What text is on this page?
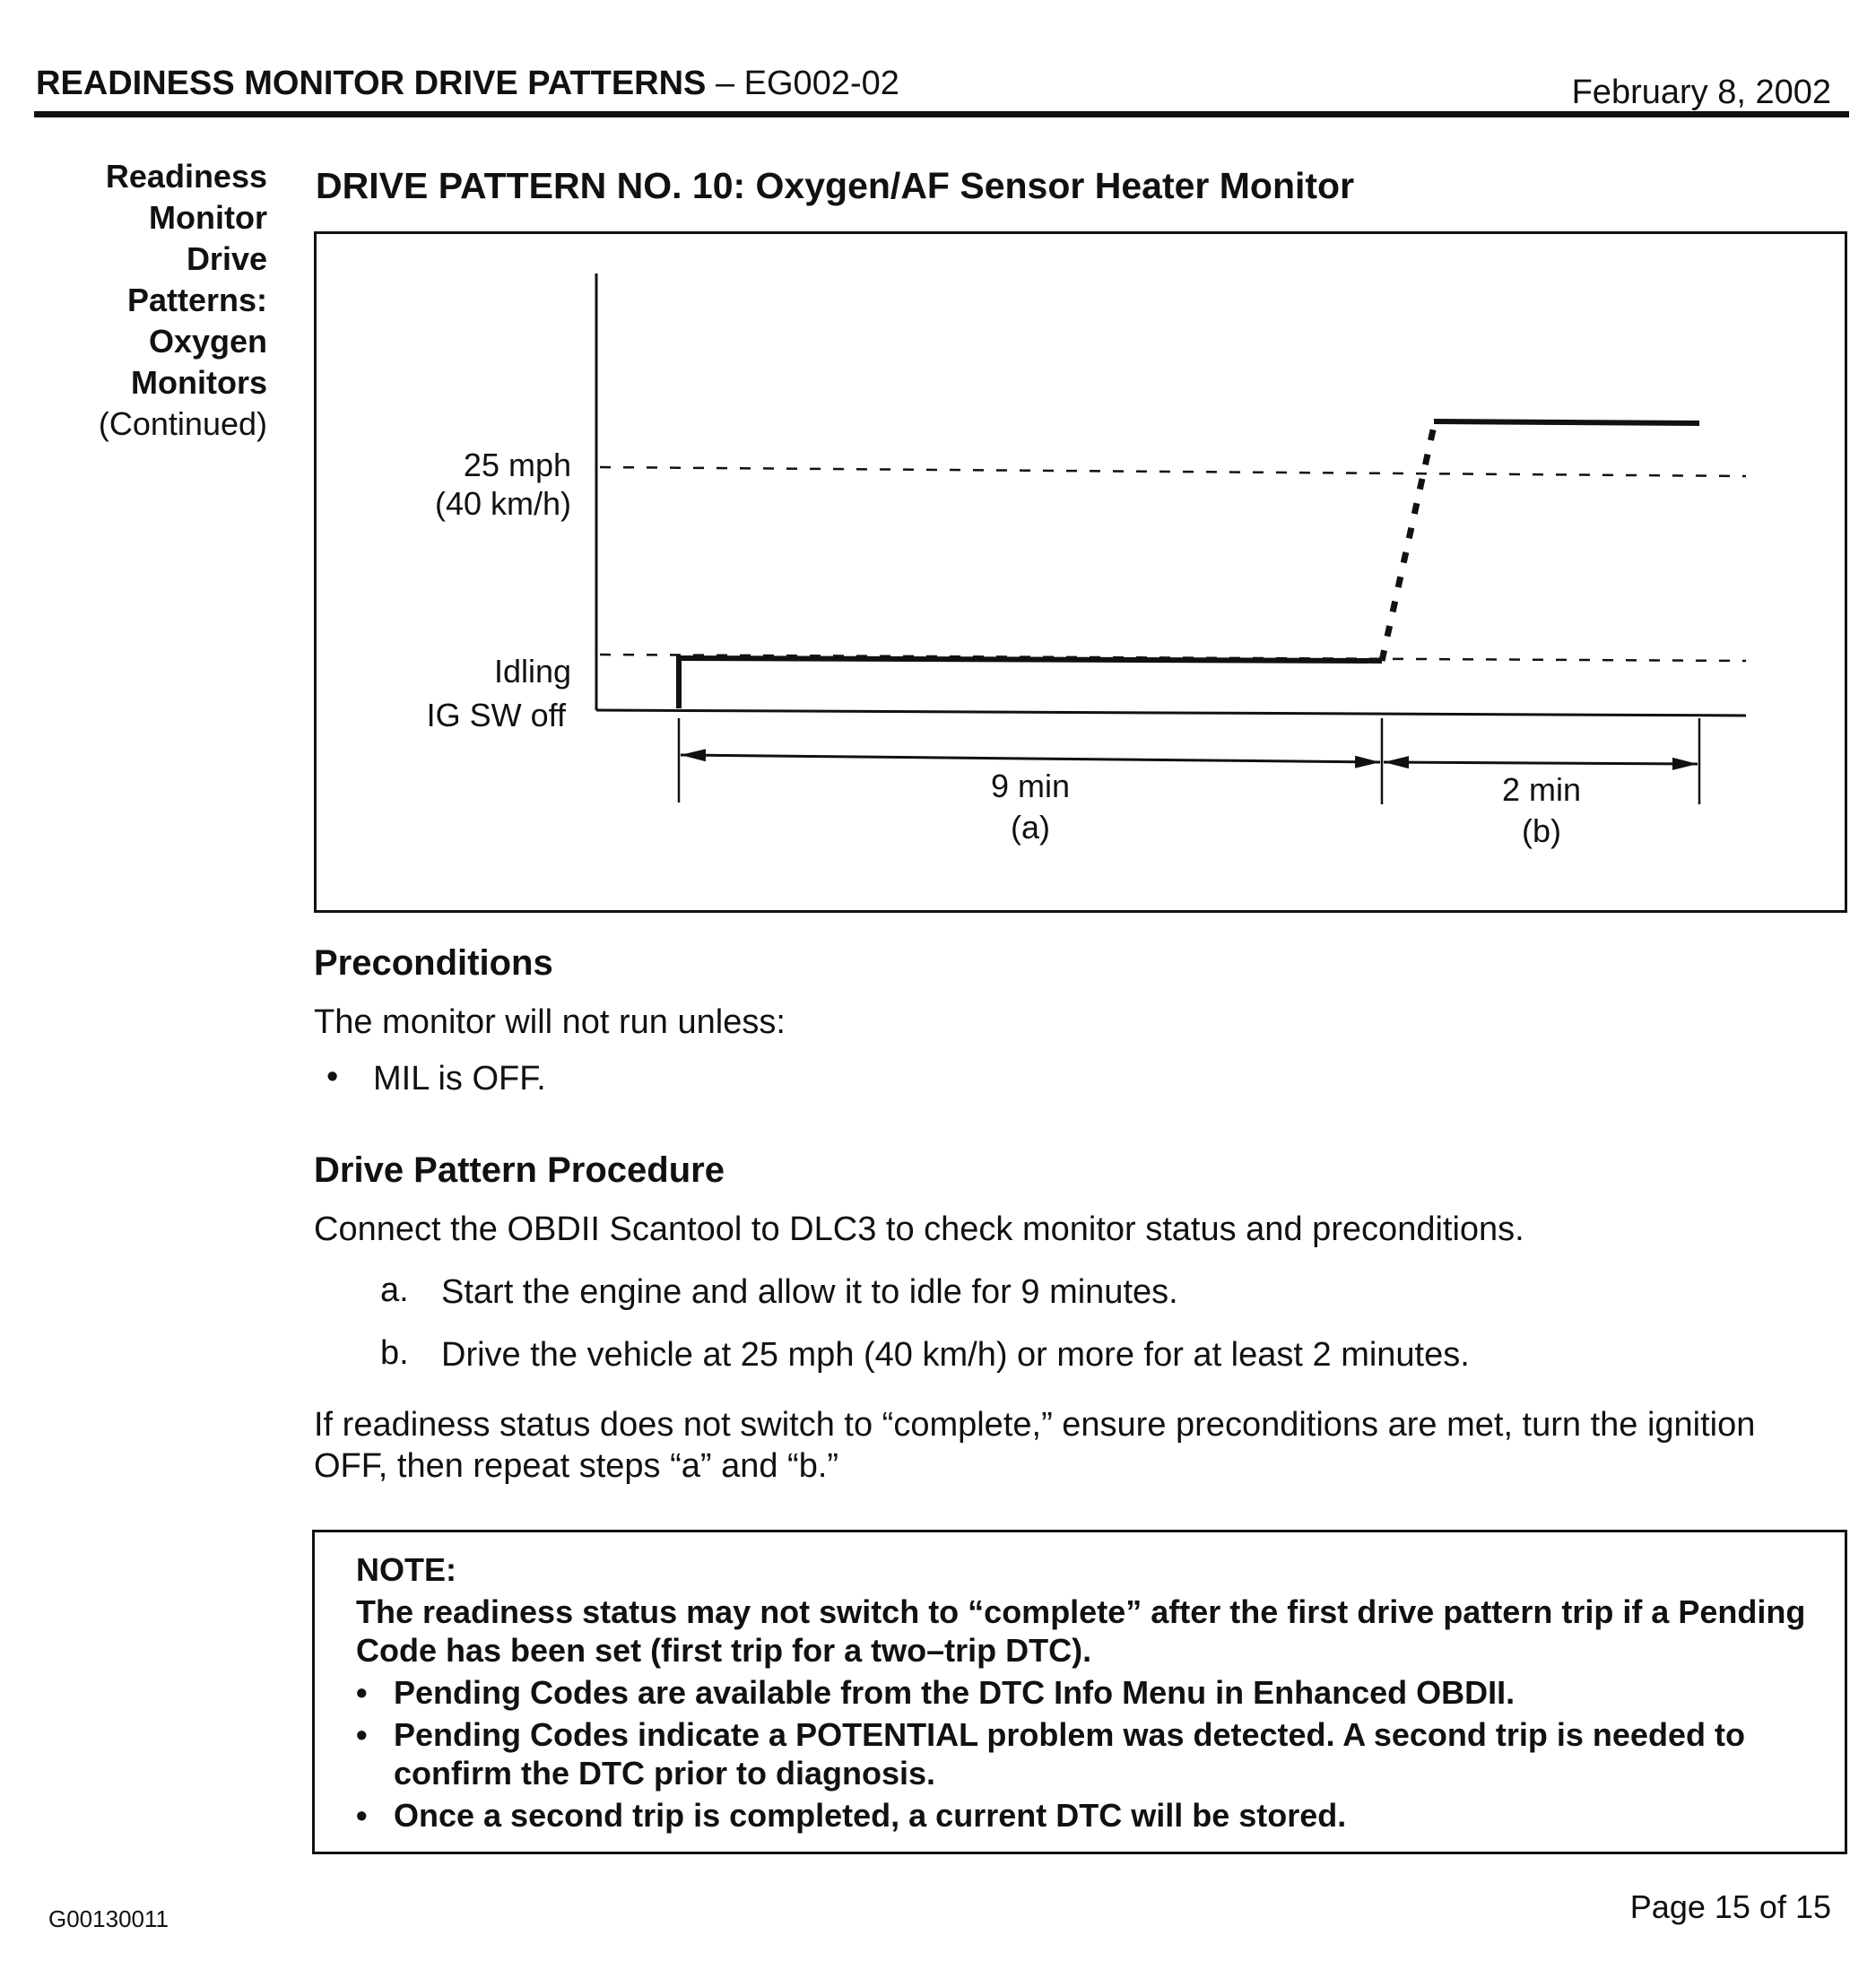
READINESS MONITOR DRIVE PATTERNS – EG002-02	February 8, 2002
Readiness
Monitor
Drive
Patterns:
Oxygen
Monitors
(Continued)
DRIVE PATTERN NO. 10: Oxygen/AF Sensor Heater Monitor
25 mph
(40 km/h)
Idling
IG SW off
9 min
(a)
2 min
(b)
Preconditions
The monitor will not run unless:
• MIL is OFF.
Drive Pattern Procedure
Connect the OBDII Scantool to DLC3 to check monitor status and preconditions.
a. Start the engine and allow it to idle for 9 minutes.
b. Drive the vehicle at 25 mph (40 km/h) or more for at least 2 minutes.
If readiness status does not switch to “complete,” ensure preconditions are met, turn the ignition OFF, then repeat steps “a” and “b.”
NOTE:
The readiness status may not switch to “complete” after the first drive pattern trip if a Pending Code has been set (first trip for a two–trip DTC).
• Pending Codes are available from the DTC Info Menu in Enhanced OBDII.
• Pending Codes indicate a POTENTIAL problem was detected. A second trip is needed to confirm the DTC prior to diagnosis.
• Once a second trip is completed, a current DTC will be stored.
G00130011	Page 15 of 15
